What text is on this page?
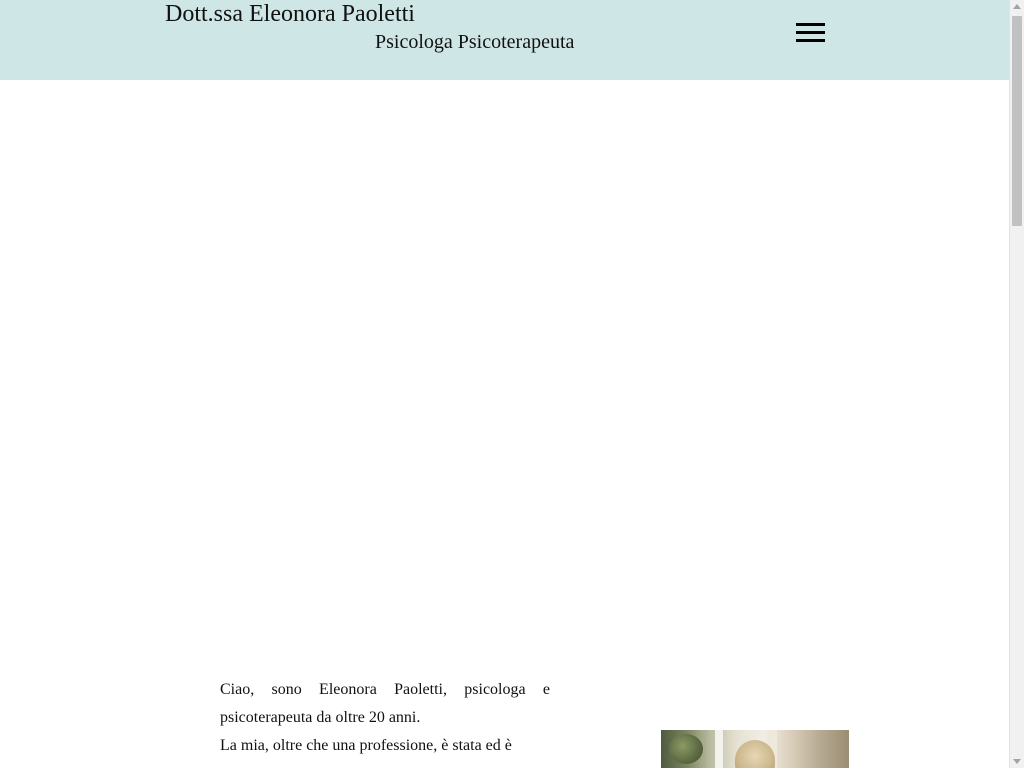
Dott.ssa Eleonora Paoletti
Psicologa Psicoterapeuta

Ciao, sono Eleonora Paoletti, psicologa e psicoterapeuta da oltre 20 anni.

La mia, oltre che una professione, è stata ed è
